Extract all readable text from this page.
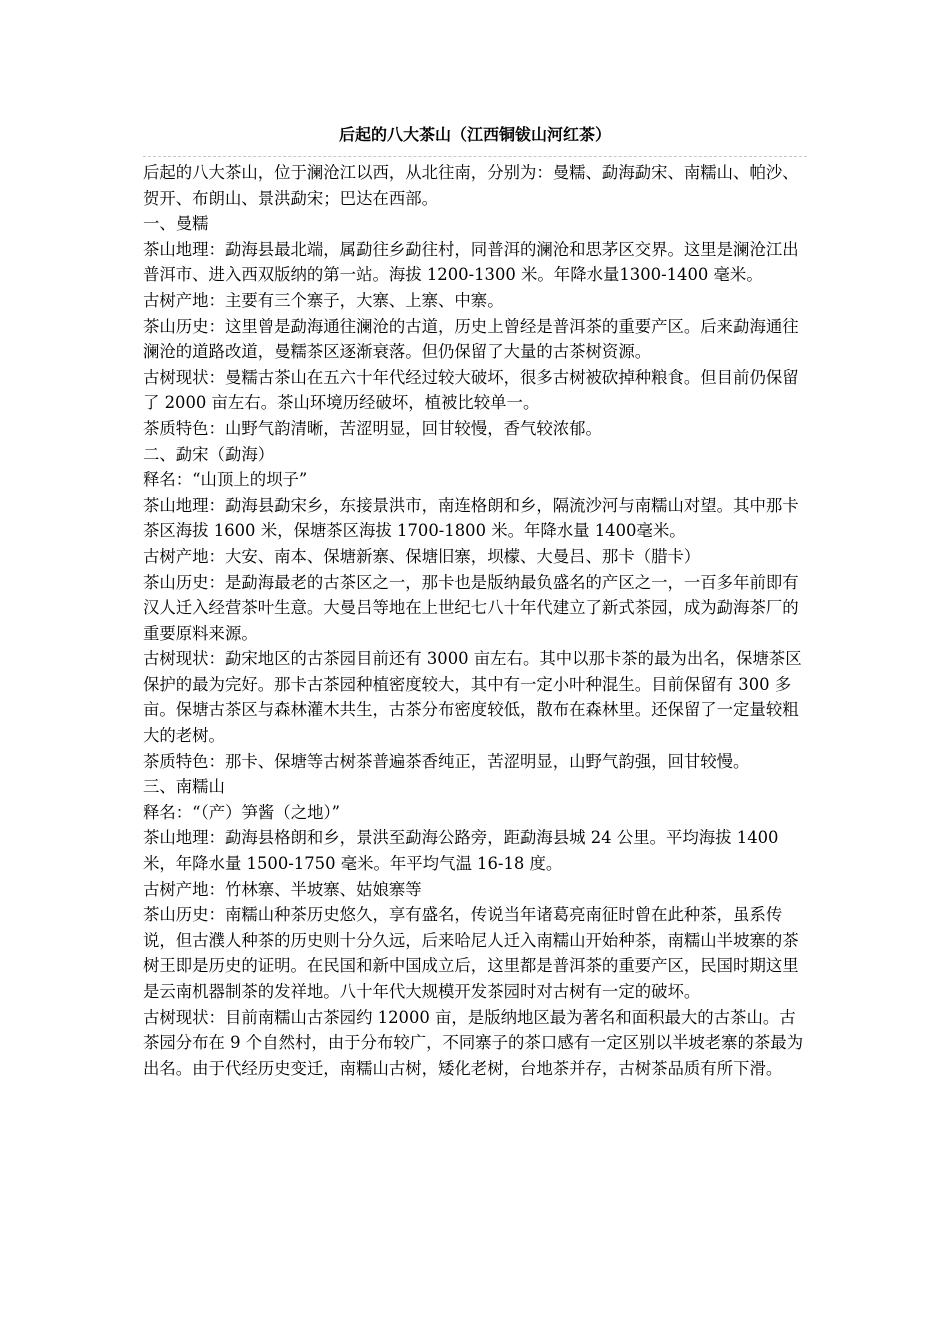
后起的八大茶山（江西铜钹山河红茶）

后起的八大茶山，位于澜沧江以西，从北往南，分别为：曼糯、勐海勐宋、南糯山、帕沙、贺开、布朗山、景洪勐宋；巴达在西部。

一、曼糯

茶山地理：勐海县最北端，属勐往乡勐往村，同普洱的澜沧和思茅区交界。这里是澜沧江出普洱市、进入西双版纳的第一站。海拔 1200-1300 米。年降水量1300-1400 毫米。

古树产地：主要有三个寨子，大寨、上寨、中寨。

茶山历史：这里曾是勐海通往澜沧的古道，历史上曾经是普洱茶的重要产区。后来勐海通往澜沧的道路改道，曼糯茶区逐渐衰落。但仍保留了大量的古茶树资源。

古树现状：曼糯古茶山在五六十年代经过较大破坏，很多古树被砍掉种粮食。但目前仍保留了 2000 亩左右。茶山环境历经破坏，植被比较单一。

茶质特色：山野气韵清晰，苦涩明显，回甘较慢，香气较浓郁。

二、勐宋（勐海）

释名：“山顶上的坝子”

茶山地理：勐海县勐宋乡，东接景洪市，南连格朗和乡，隔流沙河与南糯山对望。其中那卡茶区海拔 1600 米，保塘茶区海拔 1700-1800 米。年降水量 1400毫米。

古树产地：大安、南本、保塘新寨、保塘旧寨，坝檬、大曼吕、那卡（腊卡）

茶山历史：是勐海最老的古茶区之一，那卡也是版纳最负盛名的产区之一，一百多年前即有汉人迁入经营茶叶生意。大曼吕等地在上世纪七八十年代建立了新式茶园，成为勐海茶厂的重要原料来源。

古树现状：勐宋地区的古茶园目前还有 3000 亩左右。其中以那卡茶的最为出名，保塘茶区保护的最为完好。那卡古茶园种植密度较大，其中有一定小叶种混生。目前保留有 300 多亩。保塘古茶区与森林灌木共生，古茶分布密度较低，散布在森林里。还保留了一定量较粗大的老树。

茶质特色：那卡、保塘等古树茶普遍茶香纯正，苦涩明显，山野气韵强，回甘较慢。

三、南糯山

释名：“（产）笋酱（之地）”

茶山地理：勐海县格朗和乡，景洪至勐海公路旁，距勐海县城 24 公里。平均海拔 1400 米，年降水量 1500-1750 毫米。年平均气温 16-18 度。

古树产地：竹林寨、半坡寨、姑娘寨等

茶山历史：南糯山种茶历史悠久，享有盛名，传说当年诸葛亮南征时曾在此种茶，虽系传说，但古濮人种茶的历史则十分久远，后来哈尼人迁入南糯山开始种茶，南糯山半坡寨的茶树王即是历史的证明。在民国和新中国成立后，这里都是普洱茶的重要产区，民国时期这里是云南机器制茶的发祥地。八十年代大规模开发茶园时对古树有一定的破坏。

古树现状：目前南糯山古茶园约 12000 亩，是版纳地区最为著名和面积最大的古茶山。古茶园分布在 9 个自然村，由于分布较广，不同寨子的茶口感有一定区别以半坡老寨的茶最为出名。由于代经历史变迁，南糯山古树，矮化老树，台地茶并存，古树茶品质有所下滑。
